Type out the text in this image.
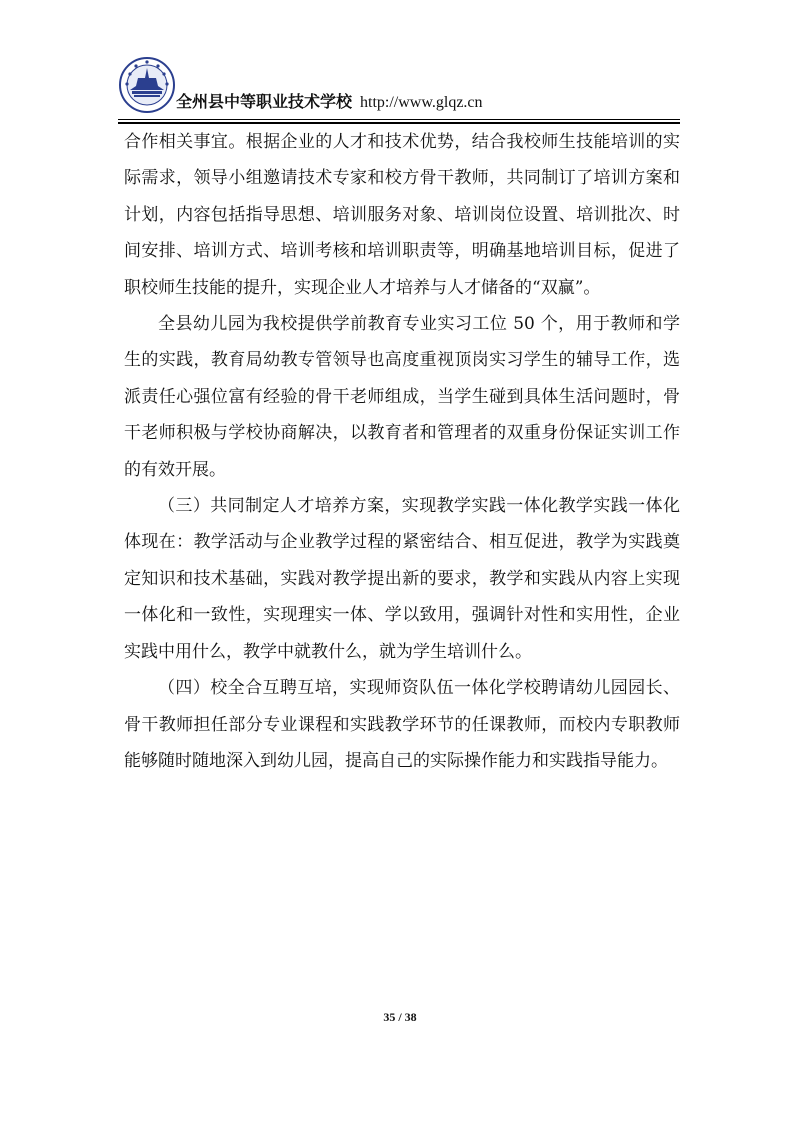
全州县中等职业技术学校 http://www.glqz.cn

合作相关事宜。根据企业的人才和技术优势，结合我校师生技能培训的实际需求，领导小组邀请技术专家和校方骨干教师，共同制订了培训方案和计划，内容包括指导思想、培训服务对象、培训岗位设置、培训批次、时间安排、培训方式、培训考核和培训职责等，明确基地培训目标，促进了职校师生技能的提升，实现企业人才培养与人才储备的“双赢”。

全县幼儿园为我校提供学前教育专业实习工位 50 个，用于教师和学生的实践，教育局幼教专管领导也高度重视顶岗实习学生的辅导工作，选派责任心强位富有经验的骨干老师组成，当学生碰到具体生活问题时，骨干老师积极与学校协商解决，以教育者和管理者的双重身份保证实训工作的有效开展。

（三）共同制定人才培养方案，实现教学实践一体化教学实践一体化体现在：教学活动与企业教学过程的紧密结合、相互促进，教学为实践奠定知识和技术基础，实践对教学提出新的要求，教学和实践从内容上实现一体化和一致性，实现理实一体、学以致用，强调针对性和实用性，企业实践中用什么，教学中就教什么，就为学生培训什么。

（四）校全合互聘互培，实现师资队伍一体化学校聘请幼儿园园长、骨干教师担任部分专业课程和实践教学环节的任课教师，而校内专职教师能够随时随地深入到幼儿园，提高自己的实际操作能力和实践指导能力。

35 / 38
